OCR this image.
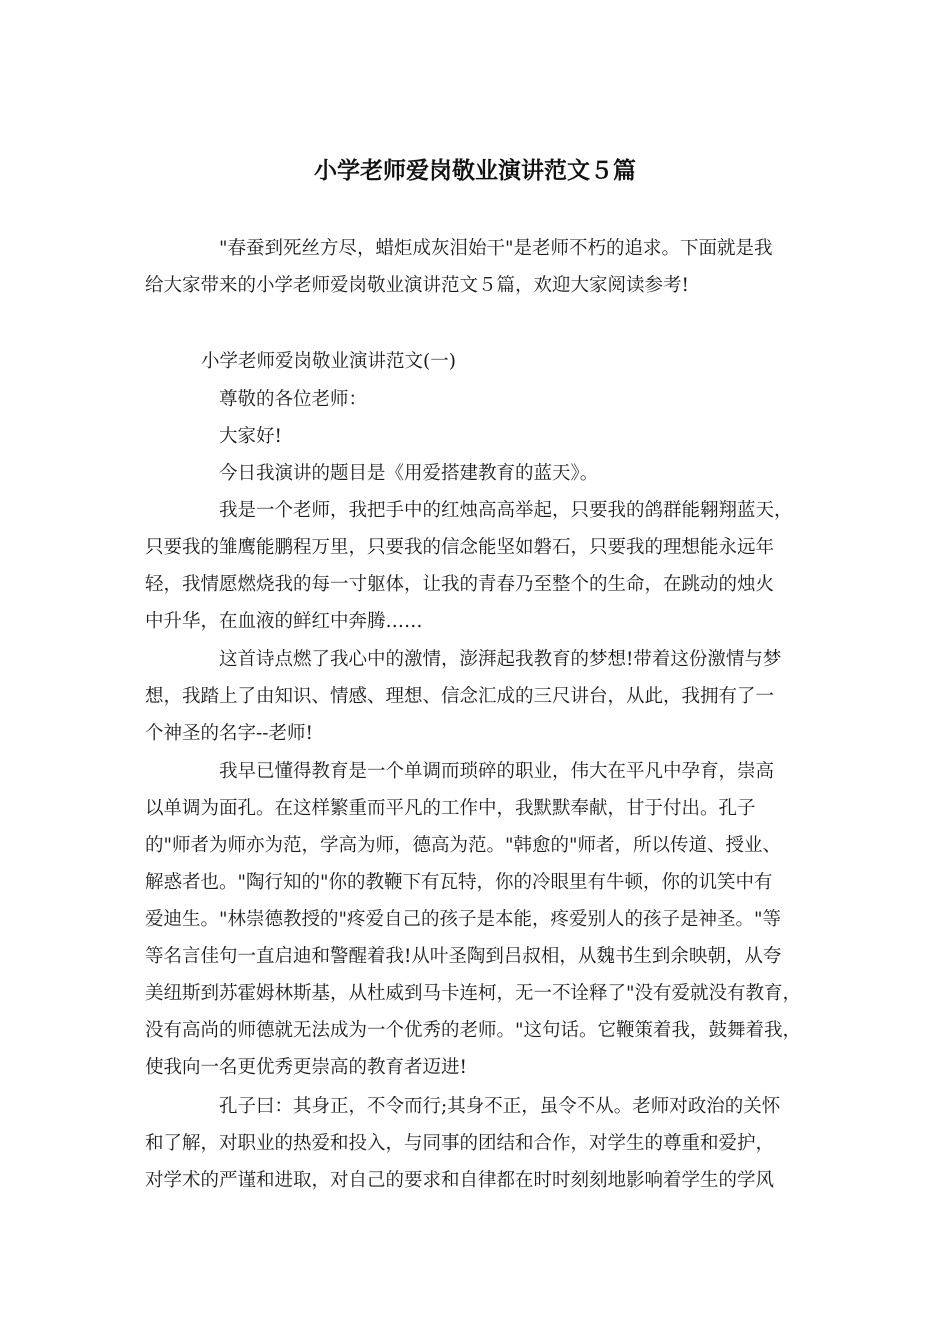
小学老师爱岗敬业演讲范文５篇
"春蚕到死丝方尽，蜡炬成灰泪始干"是老师不朽的追求。下面就是我
给大家带来的小学老师爱岗敬业演讲范文５篇，欢迎大家阅读参考!
小学老师爱岗敬业演讲范文(一)
尊敬的各位老师：
大家好!
今日我演讲的题目是《用爱搭建教育的蓝天》。
我是一个老师，我把手中的红烛高高举起，只要我的鸽群能翱翔蓝天，
只要我的雏鹰能鹏程万里，只要我的信念能坚如磐石，只要我的理想能永远年
轻，我情愿燃烧我的每一寸躯体，让我的青春乃至整个的生命，在跳动的烛火
中升华，在血液的鲜红中奔腾……
这首诗点燃了我心中的激情，澎湃起我教育的梦想!带着这份激情与梦
想，我踏上了由知识、情感、理想、信念汇成的三尺讲台，从此，我拥有了一
个神圣的名字--老师!
我早已懂得教育是一个单调而琐碎的职业，伟大在平凡中孕育，崇高
以单调为面孔。在这样繁重而平凡的工作中，我默默奉献，甘于付出。孔子
的"师者为师亦为范，学高为师，德高为范。"韩愈的"师者，所以传道、授业、
解惑者也。"陶行知的"你的教鞭下有瓦特，你的冷眼里有牛顿，你的讥笑中有
爱迪生。"林崇德教授的"疼爱自己的孩子是本能，疼爱别人的孩子是神圣。"等
等名言佳句一直启迪和警醒着我!从叶圣陶到吕叔相，从魏书生到余映朝，从夸
美纽斯到苏霍姆林斯基，从杜威到马卡连柯，无一不诠释了"没有爱就没有教育，
没有高尚的师德就无法成为一个优秀的老师。"这句话。它鞭策着我，鼓舞着我，
使我向一名更优秀更崇高的教育者迈进!
孔子曰：其身正，不令而行;其身不正，虽令不从。老师对政治的关怀
和了解，对职业的热爱和投入，与同事的团结和合作，对学生的尊重和爱护，
对学术的严谨和进取，对自己的要求和自律都在时时刻刻地影响着学生的学风
